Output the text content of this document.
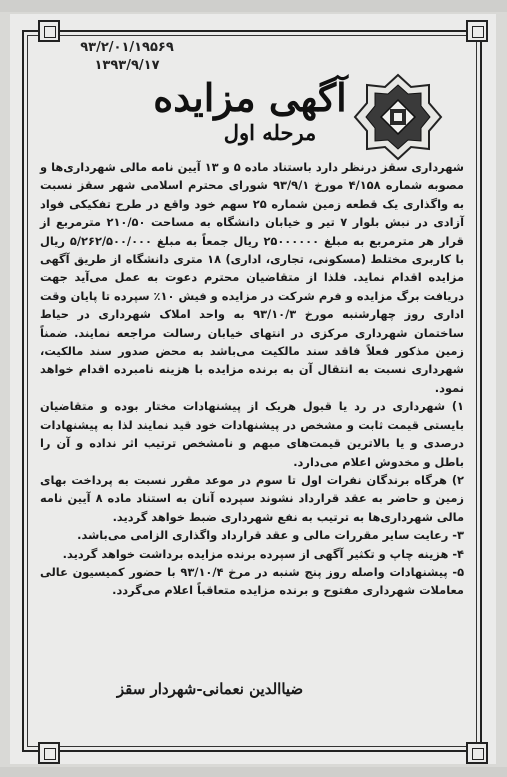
۹۳/۲/۰۱/۱۹۵۶۹
۱۳۹۳/۹/۱۷
آگهی مزایده
مرحله اول

شهرداری سقز درنظر دارد باستناد ماده ۵ و ۱۳ آیین نامه مالی شهرداری‌ها و مصوبه شماره ۴/۱۵۸ مورخ ۹۳/۹/۱ شورای محترم اسلامی شهر سقز نسبت به واگذاری یک قطعه زمین شماره ۲۵ سهم خود واقع در طرح تفکیکی فواد آزادی در نبش بلوار ۷ تیر و خیابان دانشگاه به مساحت ۲۱۰/۵۰ مترمربع از قرار هر مترمربع به مبلغ ۲۵۰۰۰۰۰۰ ریال جمعاً به مبلغ ۵/۲۶۲/۵۰۰/۰۰۰ ریال با کاربری مختلط (مسکونی، تجاری، اداری) ۱۸ متری دانشگاه از طریق آگهی مزایده اقدام نماید. فلذا از متقاضیان محترم دعوت به عمل می‌آید جهت دریافت برگ مزایده و فرم شرکت در مزایده و فیش ۱۰٪ سپرده تا پایان وقت اداری روز چهارشنبه مورخ ۹۳/۱۰/۳ به واحد املاک شهرداری در حیاط ساختمان شهرداری مرکزی در انتهای خیابان رسالت مراجعه نمایند. ضمناً زمین مذکور فعلاً فاقد سند مالکیت می‌باشد به محض صدور سند مالکیت، شهرداری نسبت به انتقال آن به برنده مزایده با هزینه نامبرده اقدام خواهد نمود.

۱) شهرداری در رد یا قبول هریک از پیشنهادات مختار بوده و متقاضیان بایستی قیمت ثابت و مشخص در پیشنهادات خود قید نمایند لذا به پیشنهادات درصدی و یا بالاترین قیمت‌های مبهم و نامشخص ترتیب اثر نداده و آن را باطل و مخدوش اعلام می‌دارد.

۲) هرگاه برندگان نفرات اول تا سوم در موعد مقرر نسبت به پرداخت بهای زمین و حاضر به عقد قرارداد نشوند سپرده آنان به استناد ماده ۸ آیین نامه مالی شهرداری‌ها به ترتیب به نفع شهرداری ضبط خواهد گردید.

۳- رعایت سایر مقررات مالی و عقد قرارداد واگذاری الزامی می‌باشد.

۴- هزینه چاپ و تکثیر آگهی از سپرده برنده مزایده برداشت خواهد گردید.

۵- پیشنهادات واصله روز پنج شنبه در مرخ ۹۳/۱۰/۴ با حضور کمیسیون عالی معاملات شهرداری مفتوح و برنده مزایده متعاقباً اعلام می‌گردد.

ضیاالدین نعمانی-شهردار سقز
